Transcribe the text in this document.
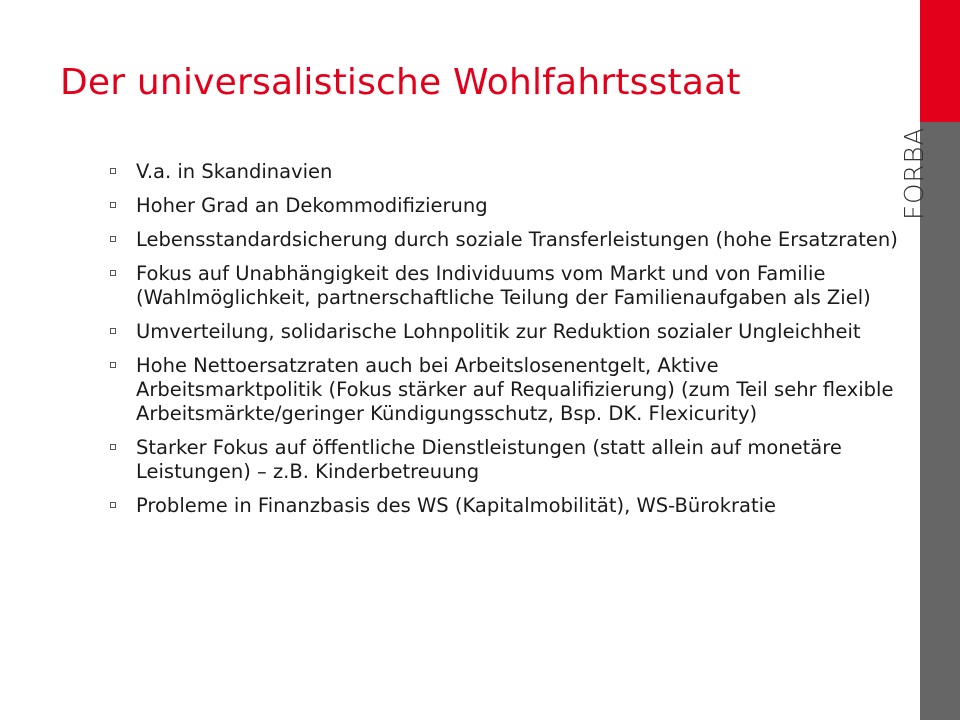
FORBA
Der universalistische Wohlfahrtsstaat
V.a. in Skandinavien
Hoher Grad an Dekommodifizierung
Lebensstandardsicherung durch soziale Transferleistungen (hohe Ersatzraten)
Fokus auf Unabhängigkeit des Individuums vom Markt und von Familie (Wahlmöglichkeit, partnerschaftliche Teilung der Familienaufgaben als Ziel)
Umverteilung, solidarische Lohnpolitik zur Reduktion sozialer Ungleichheit
Hohe Nettoersatzraten auch bei Arbeitslosenentgelt, Aktive Arbeitsmarktpolitik (Fokus stärker auf Requalifizierung) (zum Teil sehr flexible Arbeitsmärkte/geringer Kündigungsschutz, Bsp. DK. Flexicurity)
Starker Fokus auf öffentliche Dienstleistungen (statt allein auf monetäre Leistungen) – z.B. Kinderbetreuung
Probleme in Finanzbasis des WS (Kapitalmobilität), WS-Bürokratie
